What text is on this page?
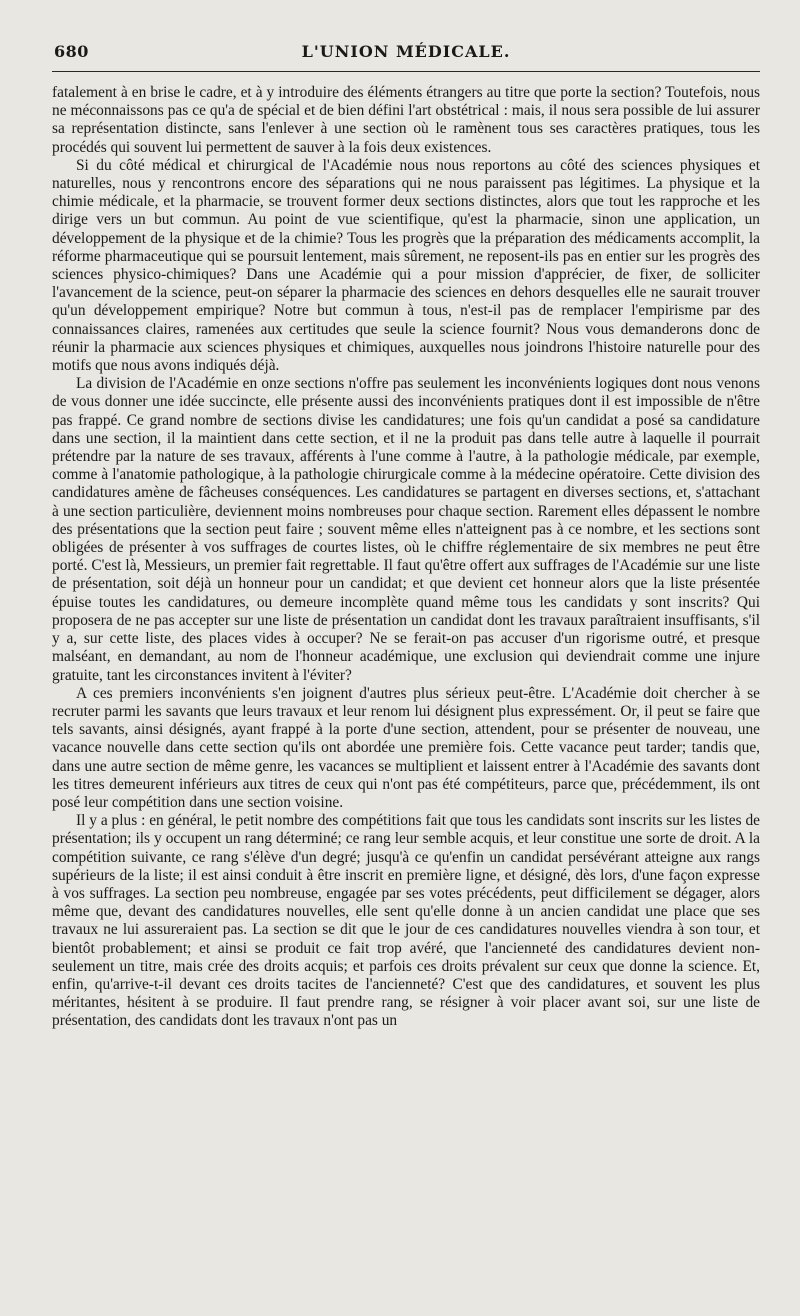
680	L'UNION MÉDICALE.

fatalement à en brise le cadre, et à y introduire des éléments étrangers au titre que porte la section? Toutefois, nous ne méconnaissons pas ce qu'a de spécial et de bien défini l'art obstétrical : mais, il nous sera possible de lui assurer sa représentation distincte, sans l'enlever à une section où le ramènent tous ses caractères pratiques, tous les procédés qui souvent lui permettent de sauver à la fois deux existences.

Si du côté médical et chirurgical de l'Académie nous nous reportons au côté des sciences physiques et naturelles, nous y rencontrons encore des séparations qui ne nous paraissent pas légitimes. La physique et la chimie médicale, et la pharmacie, se trouvent former deux sections distinctes, alors que tout les rapproche et les dirige vers un but commun. Au point de vue scientifique, qu'est la pharmacie, sinon une application, un développement de la physique et de la chimie? Tous les progrès que la préparation des médicaments accomplit, la réforme pharmaceutique qui se poursuit lentement, mais sûrement, ne reposent-ils pas en entier sur les progrès des sciences physico-chimiques? Dans une Académie qui a pour mission d'apprécier, de fixer, de solliciter l'avancement de la science, peut-on séparer la pharmacie des sciences en dehors desquelles elle ne saurait trouver qu'un développement empirique? Notre but commun à tous, n'est-il pas de remplacer l'empirisme par des connaissances claires, ramenées aux certitudes que seule la science fournit? Nous vous demanderons donc de réunir la pharmacie aux sciences physiques et chimiques, auxquelles nous joindrons l'histoire naturelle pour des motifs que nous avons indiqués déjà.

La division de l'Académie en onze sections n'offre pas seulement les inconvénients logiques dont nous venons de vous donner une idée succincte, elle présente aussi des inconvénients pratiques dont il est impossible de n'être pas frappé. Ce grand nombre de sections divise les candidatures; une fois qu'un candidat a posé sa candidature dans une section, il la maintient dans cette section, et il ne la produit pas dans telle autre à laquelle il pourrait prétendre par la nature de ses travaux, afférents à l'une comme à l'autre, à la pathologie médicale, par exemple, comme à l'anatomie pathologique, à la pathologie chirurgicale comme à la médecine opératoire. Cette division des candidatures amène de fâcheuses conséquences. Les candidatures se partagent en diverses sections, et, s'attachant à une section particulière, deviennent moins nombreuses pour chaque section. Rarement elles dépassent le nombre des présentations que la section peut faire ; souvent même elles n'atteignent pas à ce nombre, et les sections sont obligées de présenter à vos suffrages de courtes listes, où le chiffre réglementaire de six membres ne peut être porté. C'est là, Messieurs, un premier fait regrettable. Il faut qu'être offert aux suffrages de l'Académie sur une liste de présentation, soit déjà un honneur pour un candidat; et que devient cet honneur alors que la liste présentée épuise toutes les candidatures, ou demeure incomplète quand même tous les candidats y sont inscrits? Qui proposera de ne pas accepter sur une liste de présentation un candidat dont les travaux paraîtraient insuffisants, s'il y a, sur cette liste, des places vides à occuper? Ne se ferait-on pas accuser d'un rigorisme outré, et presque malséant, en demandant, au nom de l'honneur académique, une exclusion qui deviendrait comme une injure gratuite, tant les circonstances invitent à l'éviter?

A ces premiers inconvénients s'en joignent d'autres plus sérieux peut-être. L'Académie doit chercher à se recruter parmi les savants que leurs travaux et leur renom lui désignent plus expressément. Or, il peut se faire que tels savants, ainsi désignés, ayant frappé à la porte d'une section, attendent, pour se présenter de nouveau, une vacance nouvelle dans cette section qu'ils ont abordée une première fois. Cette vacance peut tarder; tandis que, dans une autre section de même genre, les vacances se multiplient et laissent entrer à l'Académie des savants dont les titres demeurent inférieurs aux titres de ceux qui n'ont pas été compétiteurs, parce que, précédemment, ils ont posé leur compétition dans une section voisine.

Il y a plus : en général, le petit nombre des compétitions fait que tous les candidats sont inscrits sur les listes de présentation; ils y occupent un rang déterminé; ce rang leur semble acquis, et leur constitue une sorte de droit. A la compétition suivante, ce rang s'élève d'un degré; jusqu'à ce qu'enfin un candidat persévérant atteigne aux rangs supérieurs de la liste; il est ainsi conduit à être inscrit en première ligne, et désigné, dès lors, d'une façon expresse à vos suffrages. La section peu nombreuse, engagée par ses votes précédents, peut difficilement se dégager, alors même que, devant des candidatures nouvelles, elle sent qu'elle donne à un ancien candidat une place que ses travaux ne lui assureraient pas. La section se dit que le jour de ces candidatures nouvelles viendra à son tour, et bientôt probablement; et ainsi se produit ce fait trop avéré, que l'ancienneté des candidatures devient non-seulement un titre, mais crée des droits acquis; et parfois ces droits prévalent sur ceux que donne la science. Et, enfin, qu'arrive-t-il devant ces droits tacites de l'ancienneté? C'est que des candidatures, et souvent les plus méritantes, hésitent à se produire. Il faut prendre rang, se résigner à voir placer avant soi, sur une liste de présentation, des candidats dont les travaux n'ont pas un
